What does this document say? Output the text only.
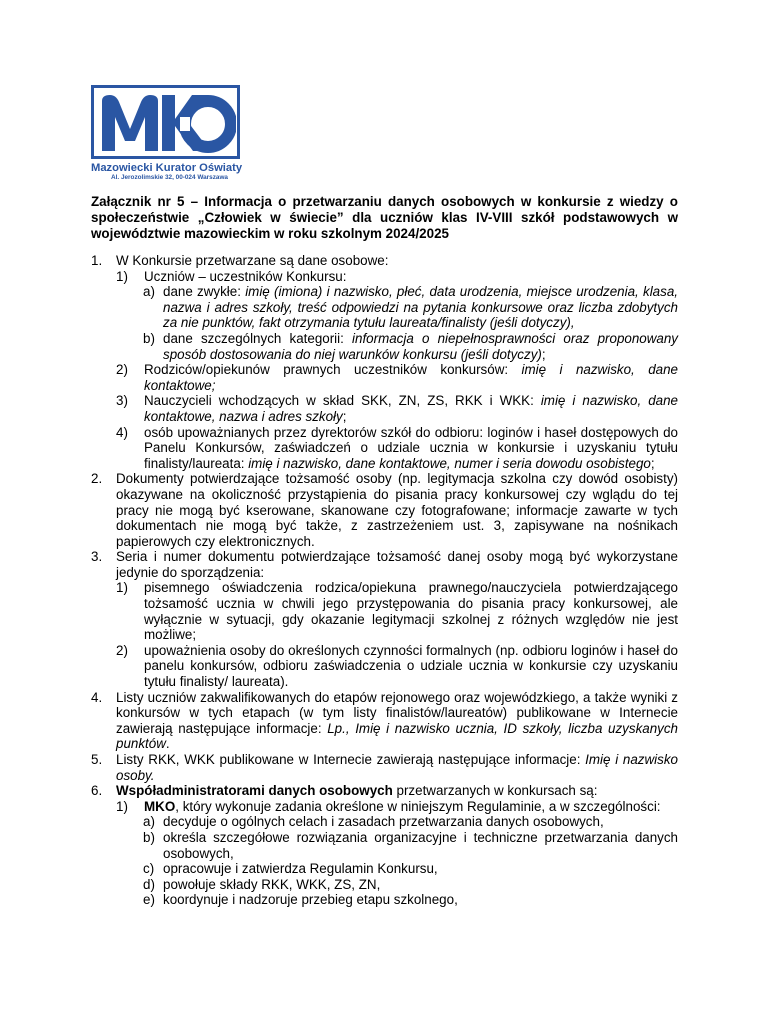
Mazowiecki Kurator Oświaty
Al. Jerozolimskie 32, 00-024 Warszawa
Załącznik nr 5 – Informacja o przetwarzaniu danych osobowych w konkursie z wiedzy o społeczeństwie „Człowiek w świecie” dla uczniów klas IV-VIII szkół podstawowych w województwie mazowieckim w roku szkolnym 2024/2025
1. W Konkursie przetwarzane są dane osobowe:
1) Uczniów – uczestników Konkursu:
a) dane zwykłe: imię (imiona) i nazwisko, płeć, data urodzenia, miejsce urodzenia, klasa, nazwa i adres szkoły, treść odpowiedzi na pytania konkursowe oraz liczba zdobytych za nie punktów, fakt otrzymania tytułu laureata/finalisty (jeśli dotyczy),
b) dane szczególnych kategorii: informacja o niepełnosprawności oraz proponowany sposób dostosowania do niej warunków konkursu (jeśli dotyczy);
2) Rodziców/opiekunów prawnych uczestników konkursów: imię i nazwisko, dane kontaktowe;
3) Nauczycieli wchodzących w skład SKK, ZN, ZS, RKK i WKK: imię i nazwisko, dane kontaktowe, nazwa i adres szkoły;
4) osób upoważnianych przez dyrektorów szkół do odbioru: loginów i haseł dostępowych do Panelu Konkursów, zaświadczeń o udziale ucznia w konkursie i uzyskaniu tytułu finalisty/laureata: imię i nazwisko, dane kontaktowe, numer i seria dowodu osobistego;
2. Dokumenty potwierdzające tożsamość osoby (np. legitymacja szkolna czy dowód osobisty) okazywane na okoliczność przystąpienia do pisania pracy konkursowej czy wglądu do tej pracy nie mogą być kserowane, skanowane czy fotografowane; informacje zawarte w tych dokumentach nie mogą być także, z zastrzeżeniem ust. 3, zapisywane na nośnikach papierowych czy elektronicznych.
3. Seria i numer dokumentu potwierdzające tożsamość danej osoby mogą być wykorzystane jedynie do sporządzenia:
1) pisemnego oświadczenia rodzica/opiekuna prawnego/nauczyciela potwierdzającego tożsamość ucznia w chwili jego przystępowania do pisania pracy konkursowej, ale wyłącznie w sytuacji, gdy okazanie legitymacji szkolnej z różnych względów nie jest możliwe;
2) upoważnienia osoby do określonych czynności formalnych (np. odbioru loginów i haseł do panelu konkursów, odbioru zaświadczenia o udziale ucznia w konkursie czy uzyskaniu tytułu finalisty/ laureata).
4. Listy uczniów zakwalifikowanych do etapów rejonowego oraz wojewódzkiego, a także wyniki z konkursów w tych etapach (w tym listy finalistów/laureatów) publikowane w Internecie zawierają następujące informacje: Lp., Imię i nazwisko ucznia, ID szkoły, liczba uzyskanych punktów.
5. Listy RKK, WKK publikowane w Internecie zawierają następujące informacje: Imię i nazwisko osoby.
6. Współadministratorami danych osobowych przetwarzanych w konkursach są:
1) MKO, który wykonuje zadania określone w niniejszym Regulaminie, a w szczególności:
a) decyduje o ogólnych celach i zasadach przetwarzania danych osobowych,
b) określa szczegółowe rozwiązania organizacyjne i techniczne przetwarzania danych osobowych,
c) opracowuje i zatwierdza Regulamin Konkursu,
d) powołuje składy RKK, WKK, ZS, ZN,
e) koordynuje i nadzoruje przebieg etapu szkolnego,
